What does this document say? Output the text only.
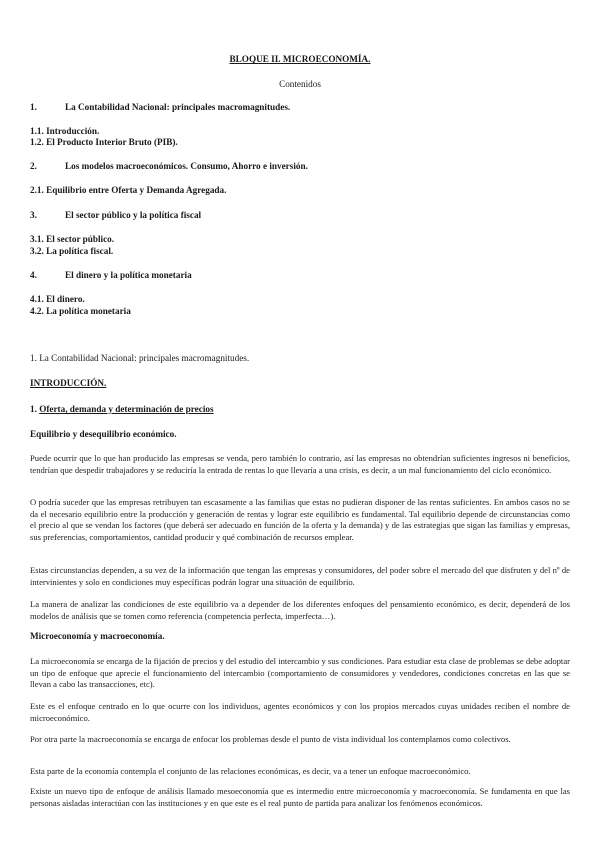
BLOQUE II. MICROECONOMÍA.
Contenidos
1.	La Contabilidad Nacional: principales macromagnitudes.
1.1. Introducción.
1.2. El Producto Interior Bruto (PIB).
2.	Los modelos macroeconómicos. Consumo, Ahorro e inversión.
2.1. Equilibrio entre Oferta y Demanda Agregada.
3.	El sector público y la política fiscal
3.1. El sector público.
3.2. La política fiscal.
4.	El dinero y la política monetaria
4.1. El dinero.
4.2. La política monetaria
1. La Contabilidad Nacional: principales macromagnitudes.
INTRODUCCIÓN.
1. Oferta, demanda y determinación de precios
Equilibrio y desequilibrio económico.
Puede ocurrir que lo que han producido las empresas se venda, pero también lo contrario, así las empresas no obtendrían suficientes ingresos ni beneficios, tendrían que despedir trabajadores y se reduciría la entrada de rentas lo que llevaría a una crisis, es decir, a un mal funcionamiento del ciclo económico.
O podría suceder que las empresas retribuyen tan escasamente a las familias que estas no pudieran disponer de las rentas suficientes. En ambos casos no se da el necesario equilibrio entre la producción y generación de rentas y lograr este equilibrio es fundamental. Tal equilibrio depende de circunstancias como el precio al que se vendan los factores (que deberá ser adecuado en función de la oferta y la demanda) y de las estrategias que sigan las familias y empresas, sus preferencias, comportamientos, cantidad producir y qué combinación de recursos emplear.
Estas circunstancias dependen, a su vez de la información que tengan las empresas y consumidores, del poder sobre el mercado del que disfruten y del nº de intervinientes y solo en condiciones muy específicas podrán lograr una situación de equilibrio.
La manera de analizar las condiciones de este equilibrio va a depender de los diferentes enfoques del pensamiento económico, es decir, dependerá de los modelos de análisis que se tomen como referencia (competencia perfecta, imperfecta…).
Microeconomía y macroeconomía.
La microeconomía se encarga de la fijación de precios y del estudio del intercambio y sus condiciones. Para estudiar esta clase de problemas se debe adoptar un tipo de enfoque que aprecie el funcionamiento del intercambio (comportamiento de consumidores y vendedores, condiciones concretas en las que se llevan a cabo las transacciones, etc).
Este es el enfoque centrado en lo que ocurre con los individuos, agentes económicos y con los propios mercados cuyas unidades reciben el nombre de microeconómico.
Por otra parte la macroeconomía se encarga de enfocar los problemas desde el punto de vista individual los contemplamos como colectivos.
Esta parte de la economía contempla el conjunto de las relaciones económicas, es decir, va a tener un enfoque macroeconómico.
Existe un nuevo tipo de enfoque de análisis llamado mesoeconomía que es intermedio entre microeconomía y macroeconomía. Se fundamenta en que las personas aisladas interactúan con las instituciones y en que este es el real punto de partida para analizar los fenómenos económicos.
